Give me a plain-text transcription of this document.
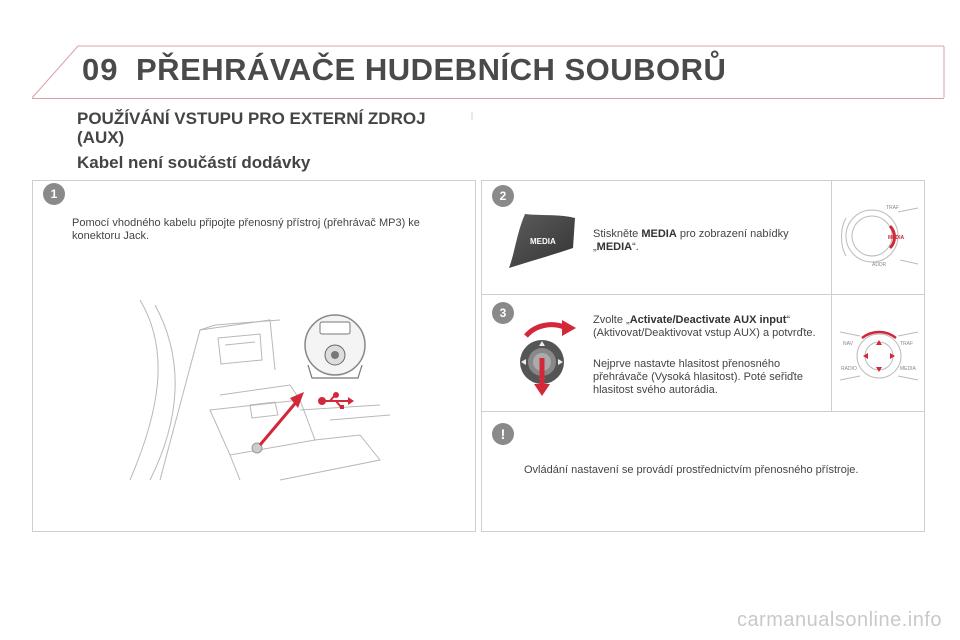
09 PŘEHRÁVAČE HUDEBNÍCH SOUBORŮ
POUŽÍVÁNÍ VSTUPU PRO EXTERNÍ ZDROJ (AUX)
Kabel není součástí dodávky
1
Pomocí vhodného kabelu připojte přenosný přístroj (přehrávač MP3) ke konektoru Jack.
2
MEDIA
Stiskněte MEDIA pro zobrazení nabídky „MEDIA“.
TRAF
MEDIA
ADDR
3	Zvolte „Activate/Deactivate AUX input“ (Aktivovat/Deaktivovat vstup AUX) a potvrďte.
Nejprve nastavte hlasitost přenosného přehrávače (Vysoká hlasitost). Poté seřiďte hlasitost svého autorádia.
NAV	TRAF
RADIO	MEDIA
!
Ovládání nastavení se provádí prostřednictvím přenosného přístroje.
carmanualsonline.info
